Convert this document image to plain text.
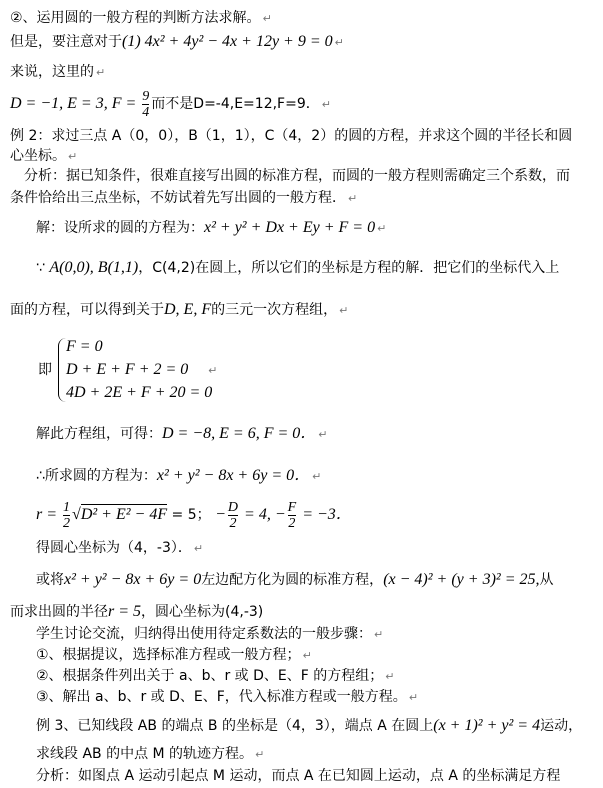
②、运用圆的一般方程的判断方法求解。 ↵
但是，要注意对于(1) 4x² + 4y² − 4x + 12y + 9 = 0 ↵
来说，这里的 ↵
D = −1, E = 3, $F = \frac{9}{4}$ 而不是D=-4,E=12,F=9． ↵
例 2：求过三点 A（0，0），B（1，1），C（4，2）的圆的方程，并求这个圆的半径长和圆
心坐标。 ↵
分析：据已知条件，很难直接写出圆的标准方程，而圆的一般方程则需确定三个系数，而
条件恰给出三点坐标，不妨试着先写出圆的一般方程． ↵
解：设所求的圆的方程为：x² + y² + Dx + Ey + F = 0 ↵
∵ A(0,0), B(1,1)，C(4,2)在圆上，所以它们的坐标是方程的解．把它们的坐标代入上
面的方程，可以得到关于D, E, F的三元一次方程组， ↵
即
F = 0
D + E + F + 2 = 0 ↵
4D + 2E + F + 20 = 0
解此方程组，可得：D = −8, E = 6, F = 0． ↵
∴所求圆的方程为：x² + y² − 8x + 6y = 0． ↵
$r = \frac{1}{2} √D^2 + E^2 - 4F = 5$； − $\frac{D}{2} = 4$, − $\frac{F}{2} = -3$．
得圆心坐标为（4，-3）． ↵
或将x² + y² − 8x + 6y = 0左边配方化为圆的标准方程，(x − 4)² + (y + 3)² = 25,从
而求出圆的半径r = 5，圆心坐标为(4,-3)
学生讨论交流，归纳得出使用待定系数法的一般步骤： ↵
①、根据提议，选择标准方程或一般方程； ↵
②、根据条件列出关于 a、b、r 或 D、E、F 的方程组； ↵
③、解出 a、b、r 或 D、E、F，代入标准方程或一般方程。 ↵
例 3、已知线段 AB 的端点 B 的坐标是（4，3），端点 A 在圆上(x + 1)² + y² = 4运动，
求线段 AB 的中点 M 的轨迹方程。 ↵
分析：如图点 A 运动引起点 M 运动，而点 A 在已知圆上运动，点 A 的坐标满足方程
